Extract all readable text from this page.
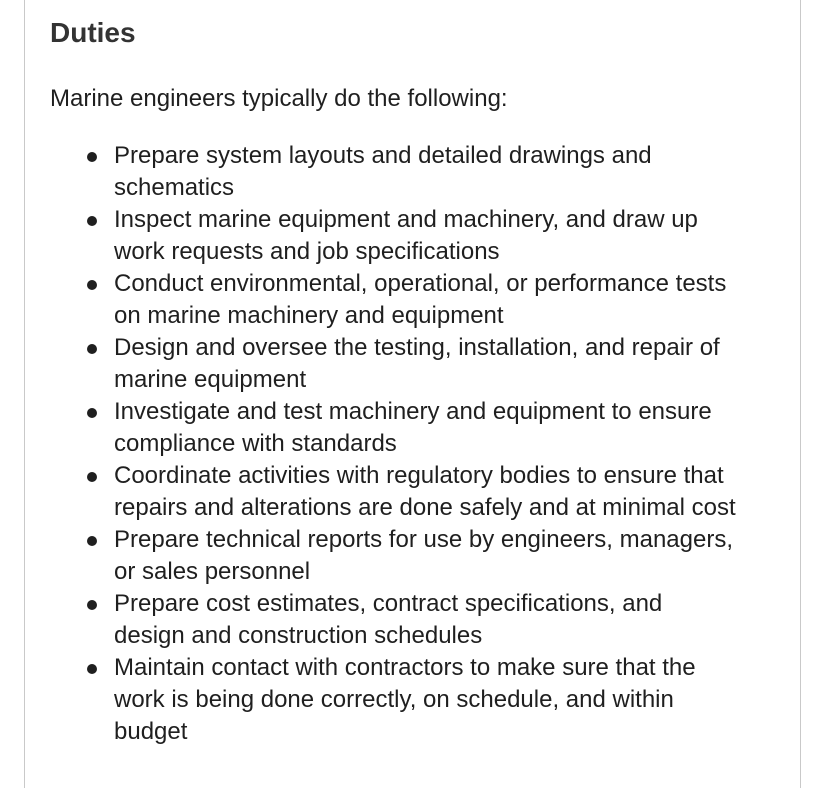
Duties

Marine engineers typically do the following:

Prepare system layouts and detailed drawings and
schematics
Inspect marine equipment and machinery, and draw up
work requests and job specifications
Conduct environmental, operational, or performance tests
on marine machinery and equipment
Design and oversee the testing, installation, and repair of
marine equipment
Investigate and test machinery and equipment to ensure
compliance with standards
Coordinate activities with regulatory bodies to ensure that
repairs and alterations are done safely and at minimal cost
Prepare technical reports for use by engineers, managers,
or sales personnel
Prepare cost estimates, contract specifications, and
design and construction schedules
Maintain contact with contractors to make sure that the
work is being done correctly, on schedule, and within
budget
